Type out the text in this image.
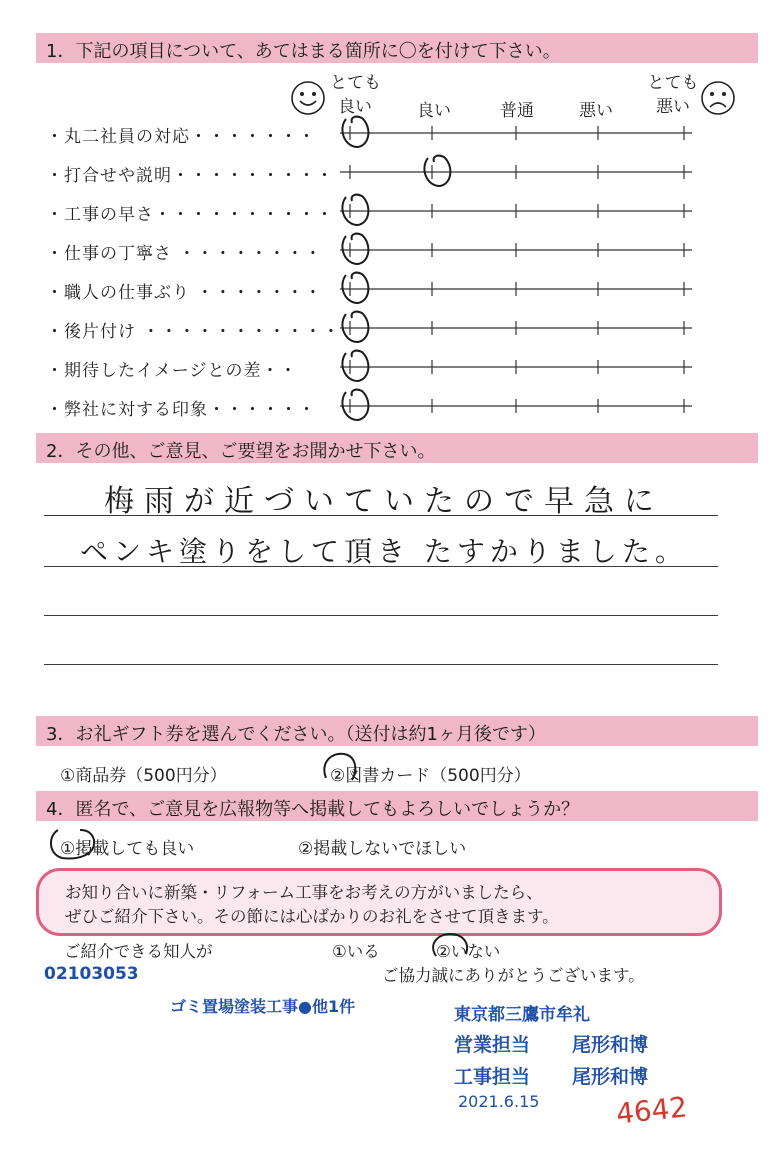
1．下記の項目について、あてはまる箇所に〇を付けて下さい。
とても
良い	良い	普通	悪い
とても
悪い
・丸二社員の対応・・・・・・・
・打合せや説明・・・・・・・・・
・工事の早さ・・・・・・・・・・
・仕事の丁寧さ ・・・・・・・・
・職人の仕事ぶり ・・・・・・・
・後片付け ・・・・・・・・・・・
・期待したイメージとの差・・
・弊社に対する印象・・・・・・
2．その他、ご意見、ご要望をお聞かせ下さい。
梅雨が近づいていたので早急に
ペンキ塗りをして頂き たすかりました。
3．お礼ギフト券を選んでください。（送付は約1ヶ月後です）
①商品券（500円分）	②図書カード（500円分）
4．匿名で、ご意見を広報物等へ掲載してもよろしいでしょうか？
①掲載しても良い	②掲載しないでほしい
お知り合いに新築・リフォーム工事をお考えの方がいましたら、
ぜひご紹介下さい。その節には心ばかりのお礼をさせて頂きます。
ご紹介できる知人が	①いる	②いない
ご協力誠にありがとうございます。
02103053
ゴミ置場塗装工事●他1件	東京都三鷹市牟礼
営業担当 尾形和博
工事担当 尾形和博
2021.6.15	4642
